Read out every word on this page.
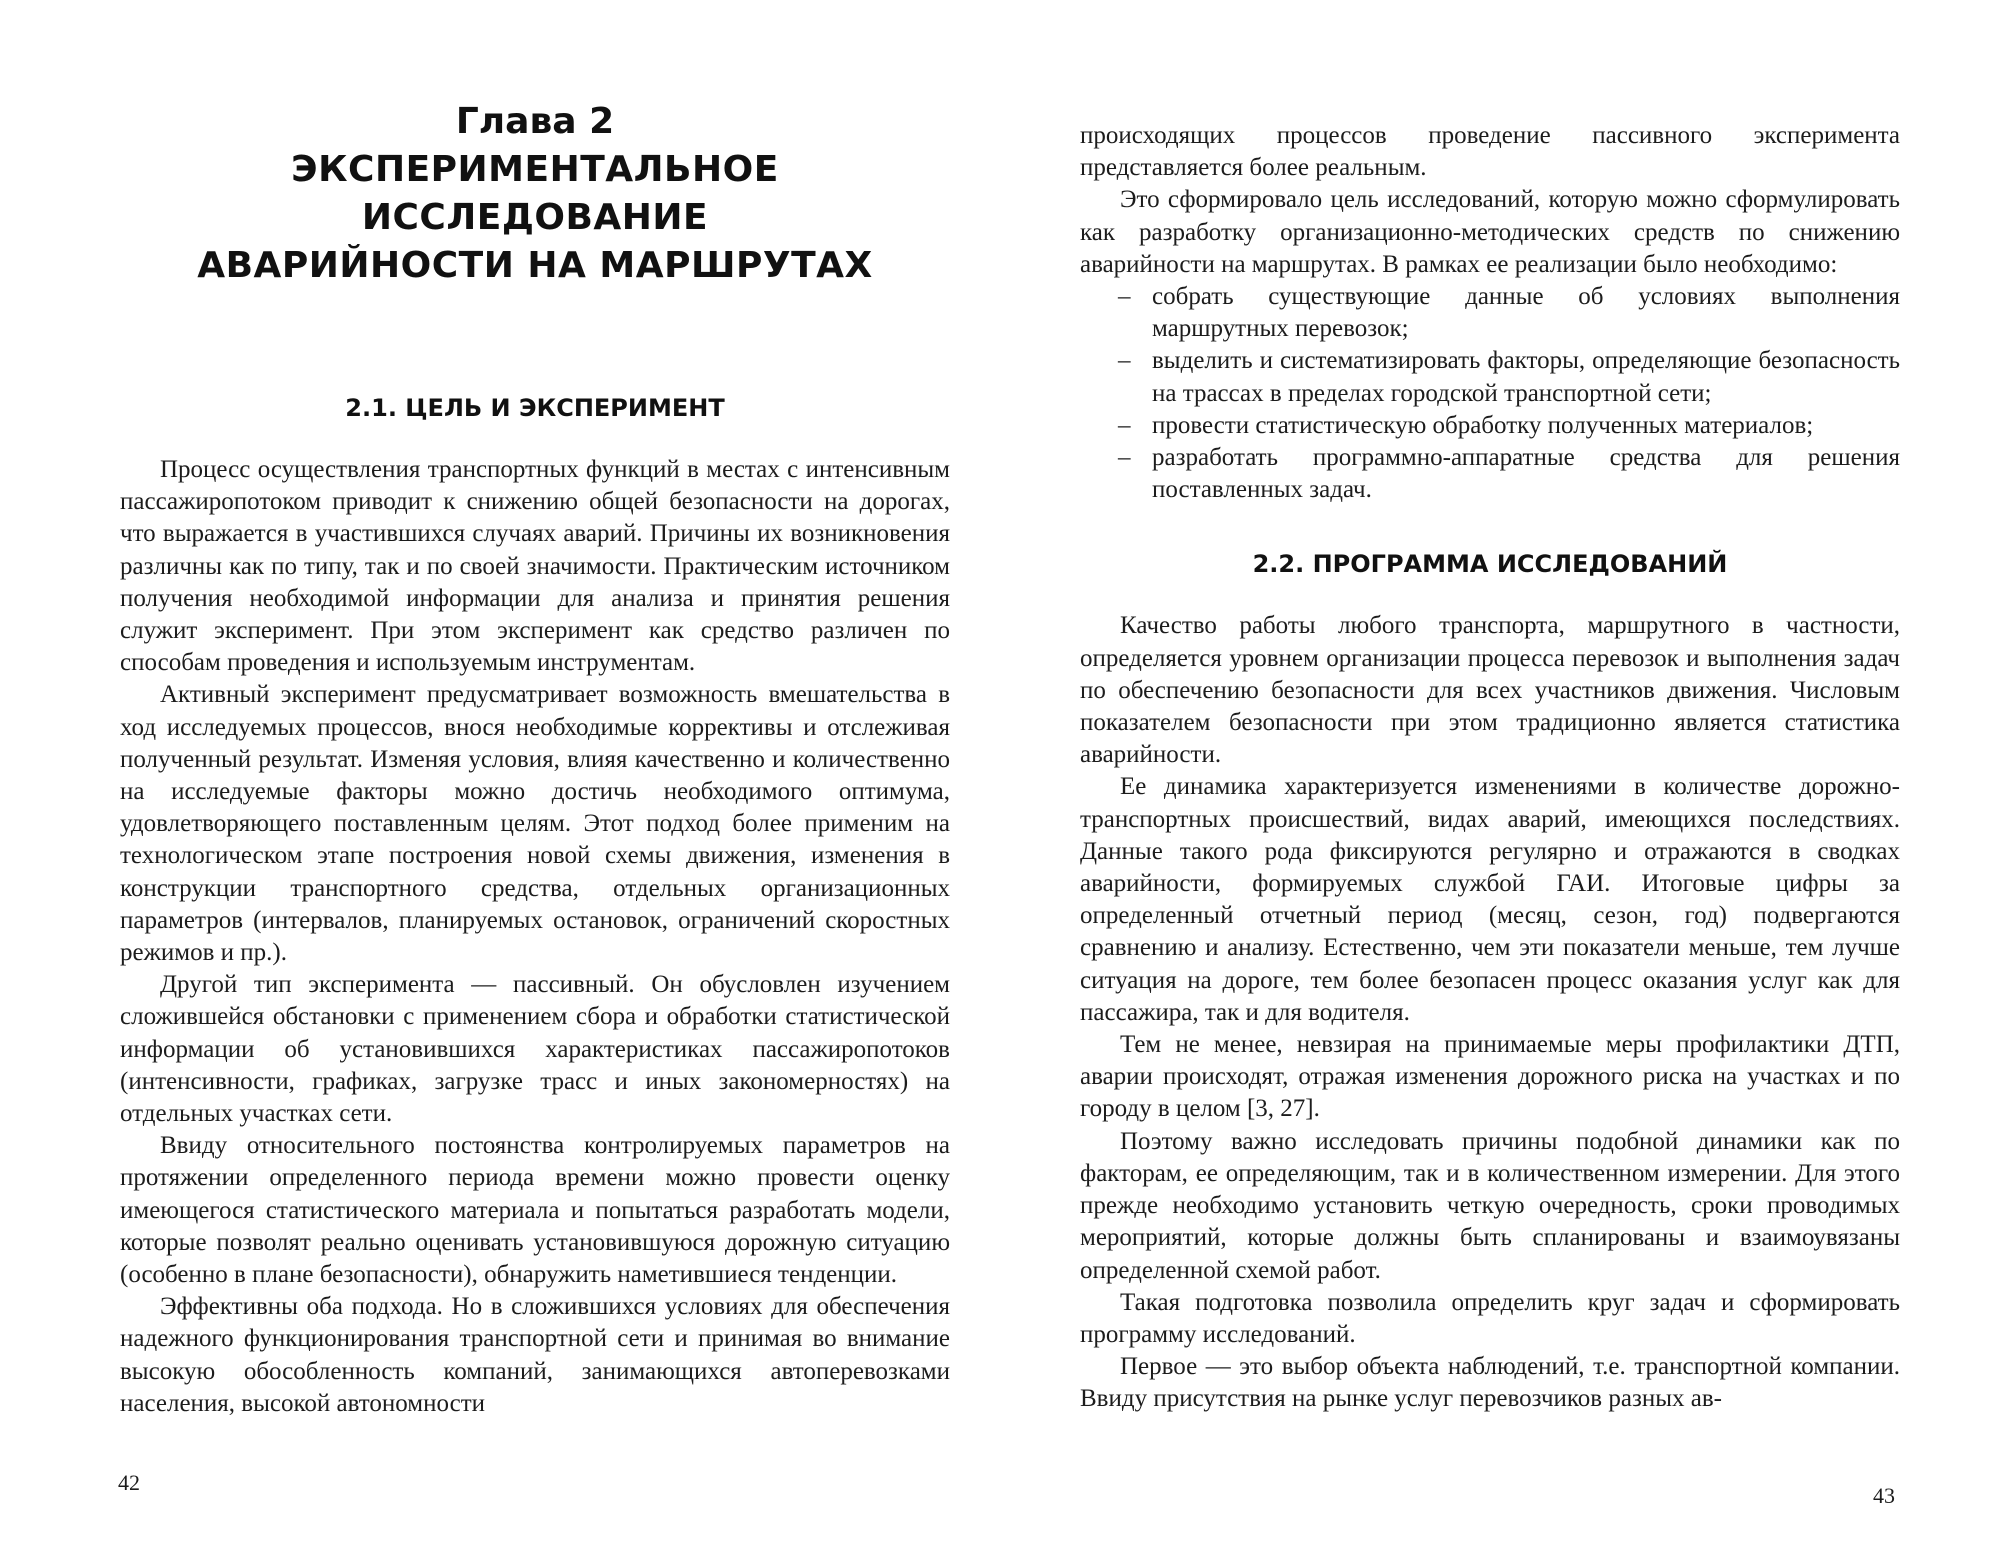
Глава 2
ЭКСПЕРИМЕНТАЛЬНОЕ ИССЛЕДОВАНИЕ
АВАРИЙНОСТИ НА МАРШРУТАХ
2.1. ЦЕЛЬ И ЭКСПЕРИМЕНТ

Процесс осуществления транспортных функций в местах с интенсивным пассажиропотоком приводит к снижению общей безопасности на дорогах, что выражается в участившихся случаях аварий. Причины их возникновения различны как по типу, так и по своей значимости. Практическим источником получения необходимой информации для анализа и принятия решения служит эксперимент. При этом эксперимент как средство различен по способам проведения и используемым инструментам.

Активный эксперимент предусматривает возможность вмешательства в ход исследуемых процессов, внося необходимые коррективы и отслеживая полученный результат. Изменяя условия, влияя качественно и количественно на исследуемые факторы можно достичь необходимого оптимума, удовлетворяющего поставленным целям. Этот подход более применим на технологическом этапе построения новой схемы движения, изменения в конструкции транспортного средства, отдельных организационных параметров (интервалов, планируемых остановок, ограничений скоростных режимов и пр.).

Другой тип эксперимента — пассивный. Он обусловлен изучением сложившейся обстановки с применением сбора и обработки статистической информации об установившихся характеристиках пассажиропотоков (интенсивности, графиках, загрузке трасс и иных закономерностях) на отдельных участках сети.

Ввиду относительного постоянства контролируемых параметров на протяжении определенного периода времени можно провести оценку имеющегося статистического материала и попытаться разработать модели, которые позволят реально оценивать установившуюся дорожную ситуацию (особенно в плане безопасности), обнаружить наметившиеся тенденции.

Эффективны оба подхода. Но в сложившихся условиях для обеспечения надежного функционирования транспортной сети и принимая во внимание высокую обособленность компаний, занимающихся автоперевозками населения, высокой автономности

42

происходящих процессов проведение пассивного эксперимента представляется более реальным.

Это сформировало цель исследований, которую можно сформулировать как разработку организационно-методических средств по снижению аварийности на маршрутах. В рамках ее реализации было необходимо:

– собрать существующие данные об условиях выполнения маршрутных перевозок;
– выделить и систематизировать факторы, определяющие безопасность на трассах в пределах городской транспортной сети;
– провести статистическую обработку полученных материалов;
– разработать программно-аппаратные средства для решения поставленных задач.
2.2. ПРОГРАММА ИССЛЕДОВАНИЙ

Качество работы любого транспорта, маршрутного в частности, определяется уровнем организации процесса перевозок и выполнения задач по обеспечению безопасности для всех участников движения. Числовым показателем безопасности при этом традиционно является статистика аварийности.

Ее динамика характеризуется изменениями в количестве дорожно-транспортных происшествий, видах аварий, имеющихся последствиях. Данные такого рода фиксируются регулярно и отражаются в сводках аварийности, формируемых службой ГАИ. Итоговые цифры за определенный отчетный период (месяц, сезон, год) подвергаются сравнению и анализу. Естественно, чем эти показатели меньше, тем лучше ситуация на дороге, тем более безопасен процесс оказания услуг как для пассажира, так и для водителя.

Тем не менее, невзирая на принимаемые меры профилактики ДТП, аварии происходят, отражая изменения дорожного риска на участках и по городу в целом [3, 27].

Поэтому важно исследовать причины подобной динамики как по факторам, ее определяющим, так и в количественном измерении. Для этого прежде необходимо установить четкую очередность, сроки проводимых мероприятий, которые должны быть спланированы и взаимоувязаны определенной схемой работ.

Такая подготовка позволила определить круг задач и сформировать программу исследований.

Первое — это выбор объекта наблюдений, т.е. транспортной компании. Ввиду присутствия на рынке услуг перевозчиков разных ав-

43
